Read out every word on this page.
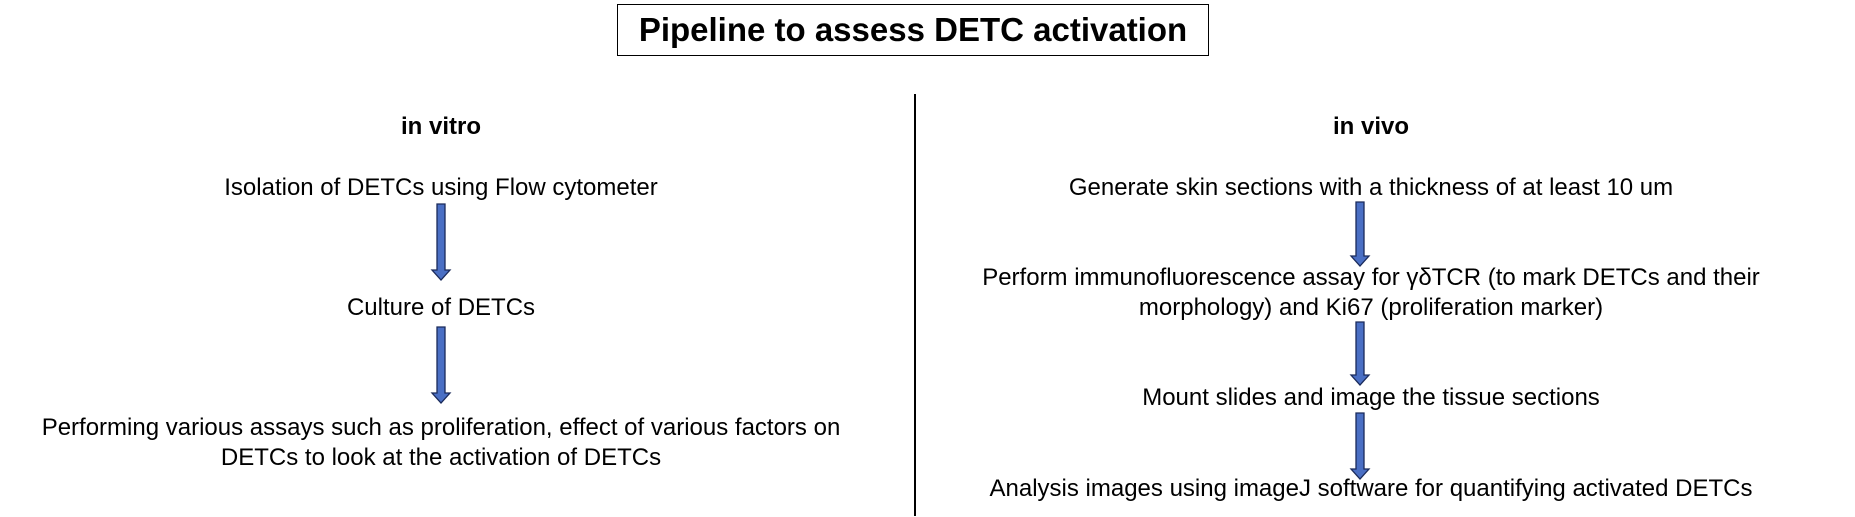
Pipeline to assess DETC activation
in vitro
Isolation of DETCs using Flow cytometer
Culture of DETCs
Performing various assays such as proliferation, effect of various factors on DETCs to look at the activation of DETCs
in vivo
Generate skin sections with a thickness of at least 10 um
Perform immunofluorescence assay for γδTCR (to mark DETCs and their morphology) and Ki67 (proliferation marker)
Mount slides and image the tissue sections
Analysis images using imageJ software for quantifying activated DETCs
